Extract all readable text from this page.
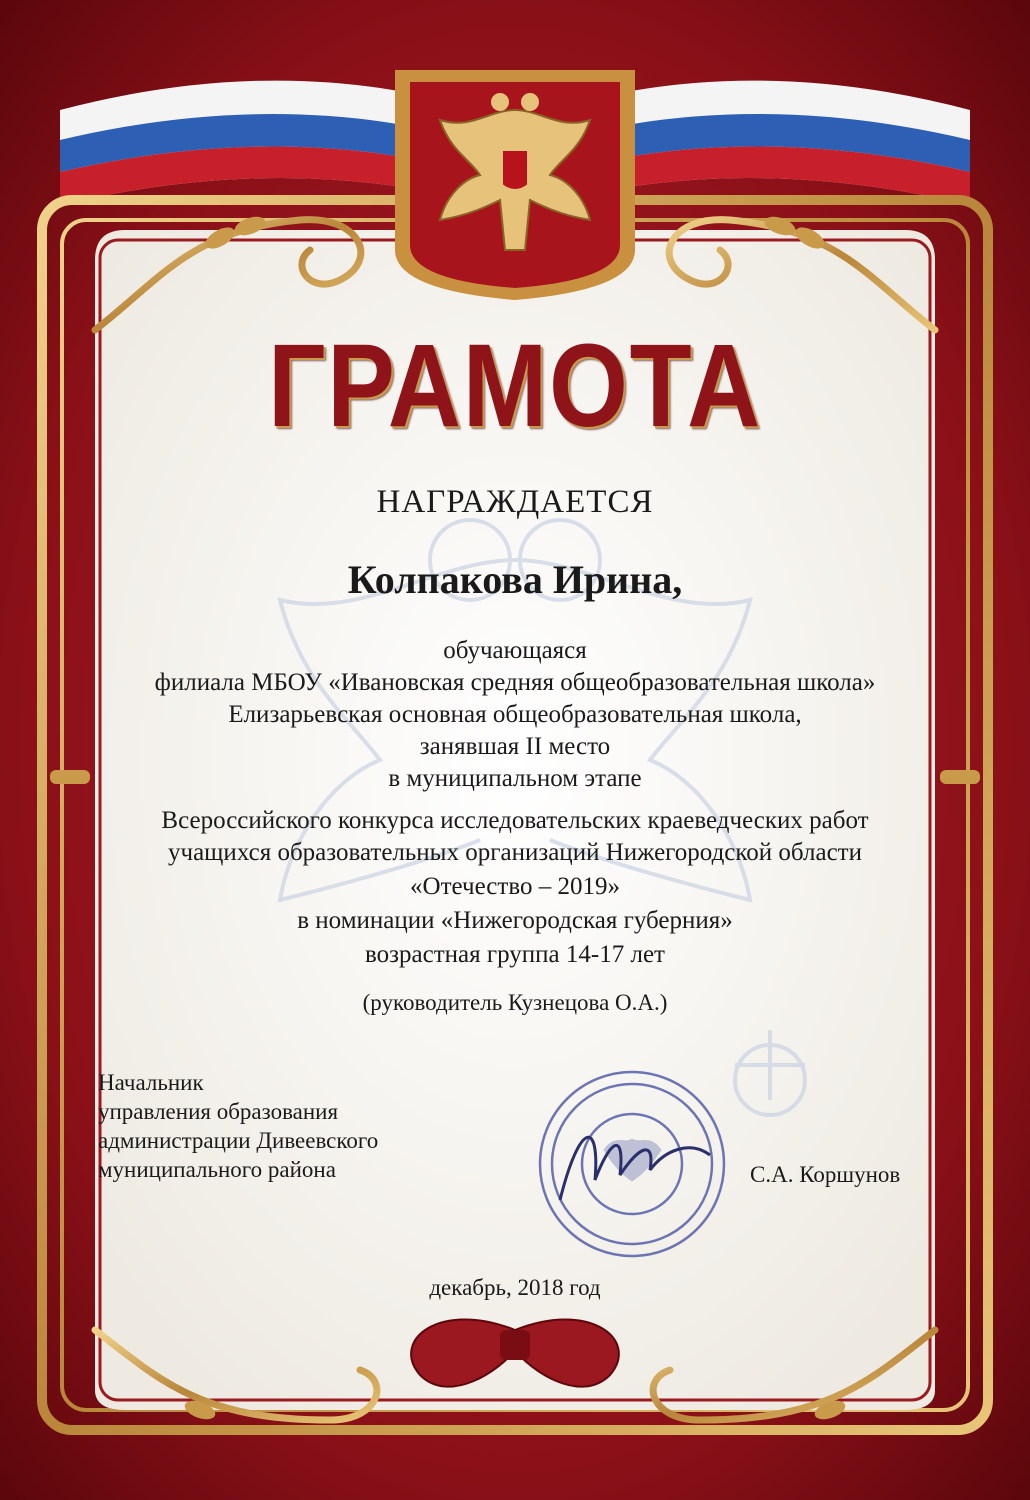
ГРАМОТА

НАГРАЖДАЕТСЯ

Колпакова Ирина,

обучающаяся

филиала МБОУ «Ивановская средняя общеобразовательная школа»

Елизарьевская основная общеобразовательная школа,

занявшая II место

в муниципальном этапе

Всероссийского конкурса исследовательских краеведческих работ

учащихся образовательных организаций Нижегородской области

«Отечество – 2019»

в номинации «Нижегородская губерния»

возрастная группа 14-17 лет

(руководитель Кузнецова О.А.)

Начальник
управления образования
администрации Дивеевского
муниципального района	С.А. Коршунов

декабрь, 2018 год
